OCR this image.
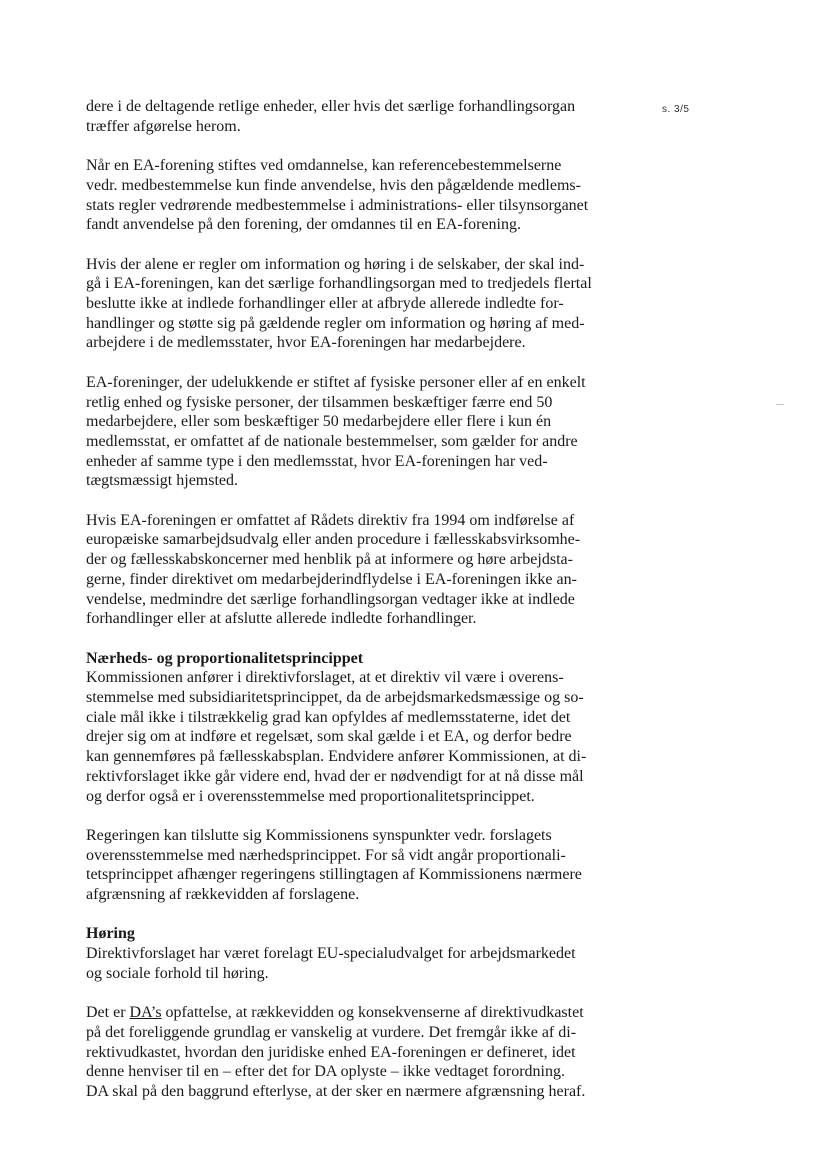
s. 3/5
dere i de deltagende retlige enheder, eller hvis det særlige forhandlingsorgan
træffer afgørelse herom.
Når en EA-forening stiftes ved omdannelse, kan referencebestemmelserne
vedr. medbestemmelse kun finde anvendelse, hvis den pågældende medlems-
stats regler vedrørende medbestemmelse i administrations- eller tilsynsorganet
fandt anvendelse på den forening, der omdannes til en EA-forening.
Hvis der alene er regler om information og høring i de selskaber, der skal ind-
gå i EA-foreningen, kan det særlige forhandlingsorgan med to tredjedels flertal
beslutte ikke at indlede forhandlinger eller at afbryde allerede indledte for-
handlinger og støtte sig på gældende regler om information og høring af med-
arbejdere i de medlemsstater, hvor EA-foreningen har medarbejdere.
EA-foreninger, der udelukkende er stiftet af fysiske personer eller af en enkelt
retlig enhed og fysiske personer, der tilsammen beskæftiger færre end 50
medarbejdere, eller som beskæftiger 50 medarbejdere eller flere i kun én
medlemsstat, er omfattet af de nationale bestemmelser, som gælder for andre
enheder af samme type i den medlemsstat, hvor EA-foreningen har ved-
tægtsmæssigt hjemsted.
Hvis EA-foreningen er omfattet af Rådets direktiv fra 1994 om indførelse af
europæiske samarbejdsudvalg eller anden procedure i fællesskabsvirksomhe-
der og fællesskabskoncerner med henblik på at informere og høre arbejdsta-
gerne, finder direktivet om medarbejderindflydelse i EA-foreningen ikke an-
vendelse, medmindre det særlige forhandlingsorgan vedtager ikke at indlede
forhandlinger eller at afslutte allerede indledte forhandlinger.
Nærheds- og proportionalitetsprincippet
Kommissionen anfører i direktivforslaget, at et direktiv vil være i overens-
stemmelse med subsidiaritetsprincippet, da de arbejdsmarkedsmæssige og so-
ciale mål ikke i tilstrækkelig grad kan opfyldes af medlemsstaterne, idet det
drejer sig om at indføre et regelsæt, som skal gælde i et EA, og derfor bedre
kan gennemføres på fællesskabsplan. Endvidere anfører Kommissionen, at di-
rektivforslaget ikke går videre end, hvad der er nødvendigt for at nå disse mål
og derfor også er i overensstemmelse med proportionalitetsprincippet.
Regeringen kan tilslutte sig Kommissionens synspunkter vedr. forslagets
overensstemmelse med nærhedsprincippet. For så vidt angår proportionali-
tetsprincippet afhænger regeringens stillingtagen af Kommissionens nærmere
afgrænsning af rækkevidden af forslagene.
Høring
Direktivforslaget har været forelagt EU-specialudvalget for arbejdsmarkedet
og sociale forhold til høring.
Det er DA’s opfattelse, at rækkevidden og konsekvenserne af direktivudkastet
på det foreliggende grundlag er vanskelig at vurdere. Det fremgår ikke af di-
rektivudkastet, hvordan den juridiske enhed EA-foreningen er defineret, idet
denne henviser til en – efter det for DA oplyste – ikke vedtaget forordning.
DA skal på den baggrund efterlyse, at der sker en nærmere afgrænsning heraf.
